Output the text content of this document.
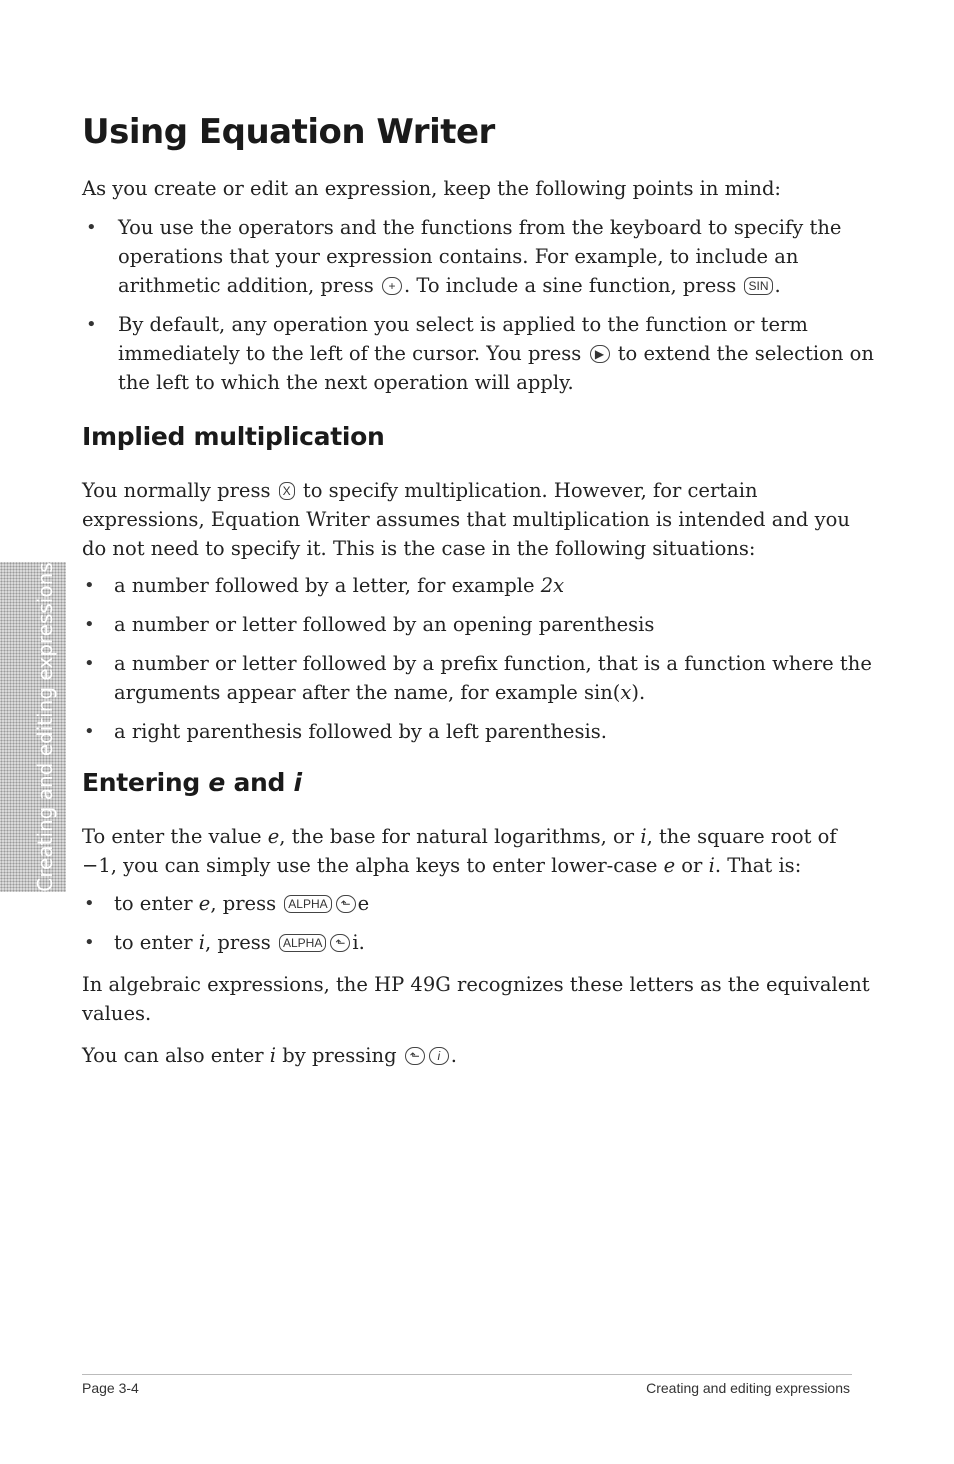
Using Equation Writer

As you create or edit an expression, keep the following points in mind:

• You use the operators and the functions from the keyboard to specify the operations that your expression contains. For example, to include an arithmetic addition, press + . To include a sine function, press SIN .
• By default, any operation you select is applied to the function or term immediately to the left of the cursor. You press ▶ to extend the selection on the left to which the next operation will apply.
Implied multiplication

You normally press X to specify multiplication. However, for certain expressions, Equation Writer assumes that multiplication is intended and you do not need to specify it. This is the case in the following situations:

• a number followed by a letter, for example 2x
• a number or letter followed by an opening parenthesis
• a number or letter followed by a prefix function, that is a function where the arguments appear after the name, for example sin(x).
• a right parenthesis followed by a left parenthesis.
Entering e and i

To enter the value e, the base for natural logarithms, or i, the square root of −1, you can simply use the alpha keys to enter lower-case e or i. That is:

• to enter e, press ALPHA ⬑ e
• to enter i, press ALPHA ⬑ i.

In algebraic expressions, the HP 49G recognizes these letters as the equivalent values.

You can also enter i by pressing ⬑ i .

Creating and editing expressions
Page 3-4	Creating and editing expressions
